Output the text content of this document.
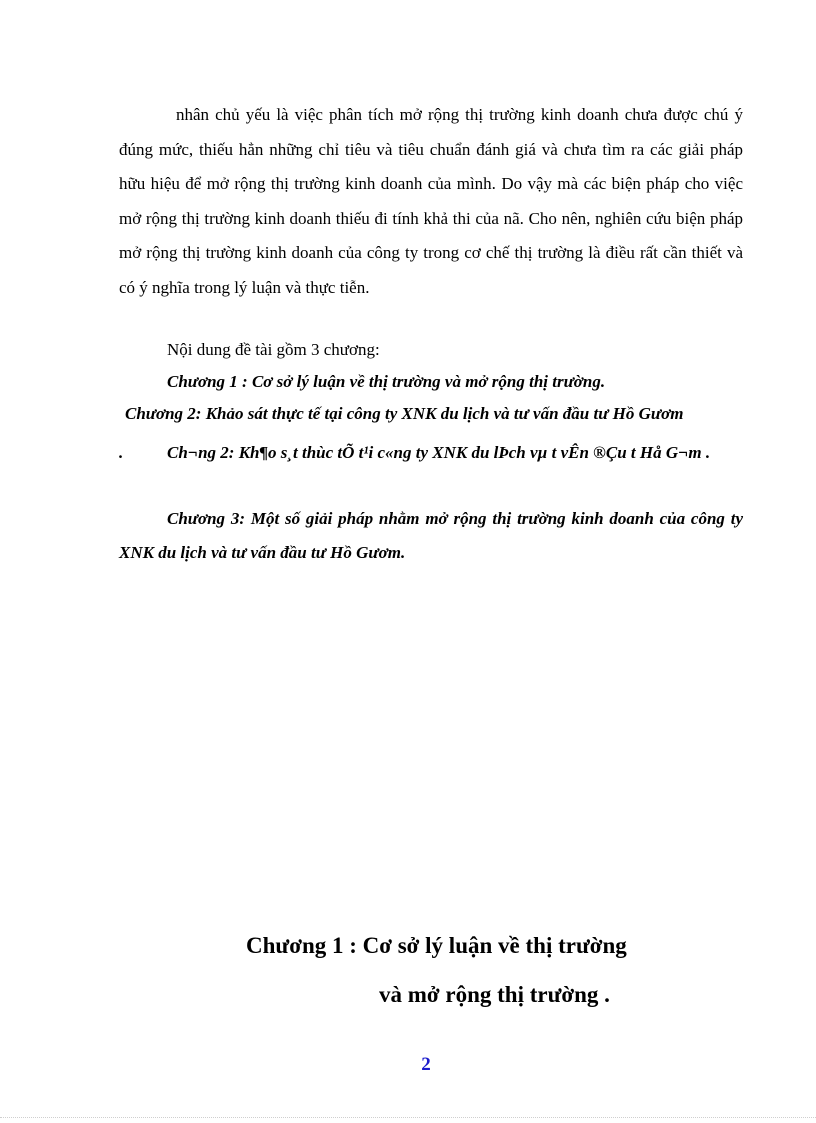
nhân chủ yếu là việc phân tích mở rộng thị trường kinh doanh chưa được chú ý đúng mức, thiếu hẳn những chỉ tiêu và tiêu chuẩn đánh giá và chưa tìm ra các giải pháp hữu hiệu để mở rộng thị trường kinh doanh của mình. Do vậy mà các biện pháp cho việc mở rộng thị trường kinh doanh thiếu đi tính khả thi của nã. Cho nên, nghiên cứu biện pháp mở rộng thị trường kinh doanh của công ty trong cơ chế thị trường là điều rất cần thiết và có ý nghĩa trong lý luận và thực tiễn.

Nội dung đề tài gồm 3 chương:

Chương 1 : Cơ sở lý luận về thị trường và mở rộng thị trường.

Chương 2: Khảo sát thực tế tại công ty XNK du lịch và tư vấn đầu tư Hồ Gươm

.	Ch¬ng 2: Kh¶o s¸t thùc tÕ t¹i c«ng ty XNK du lÞch vµ t vÊn ®Çu t Hå G¬m .

Chương 3: Một số giải pháp nhằm mở rộng thị trường kinh doanh của công ty XNK du lịch và tư vấn đầu tư Hồ Gươm.

Chương 1 : Cơ sở lý luận về thị trường
và mở rộng thị trường .

2
